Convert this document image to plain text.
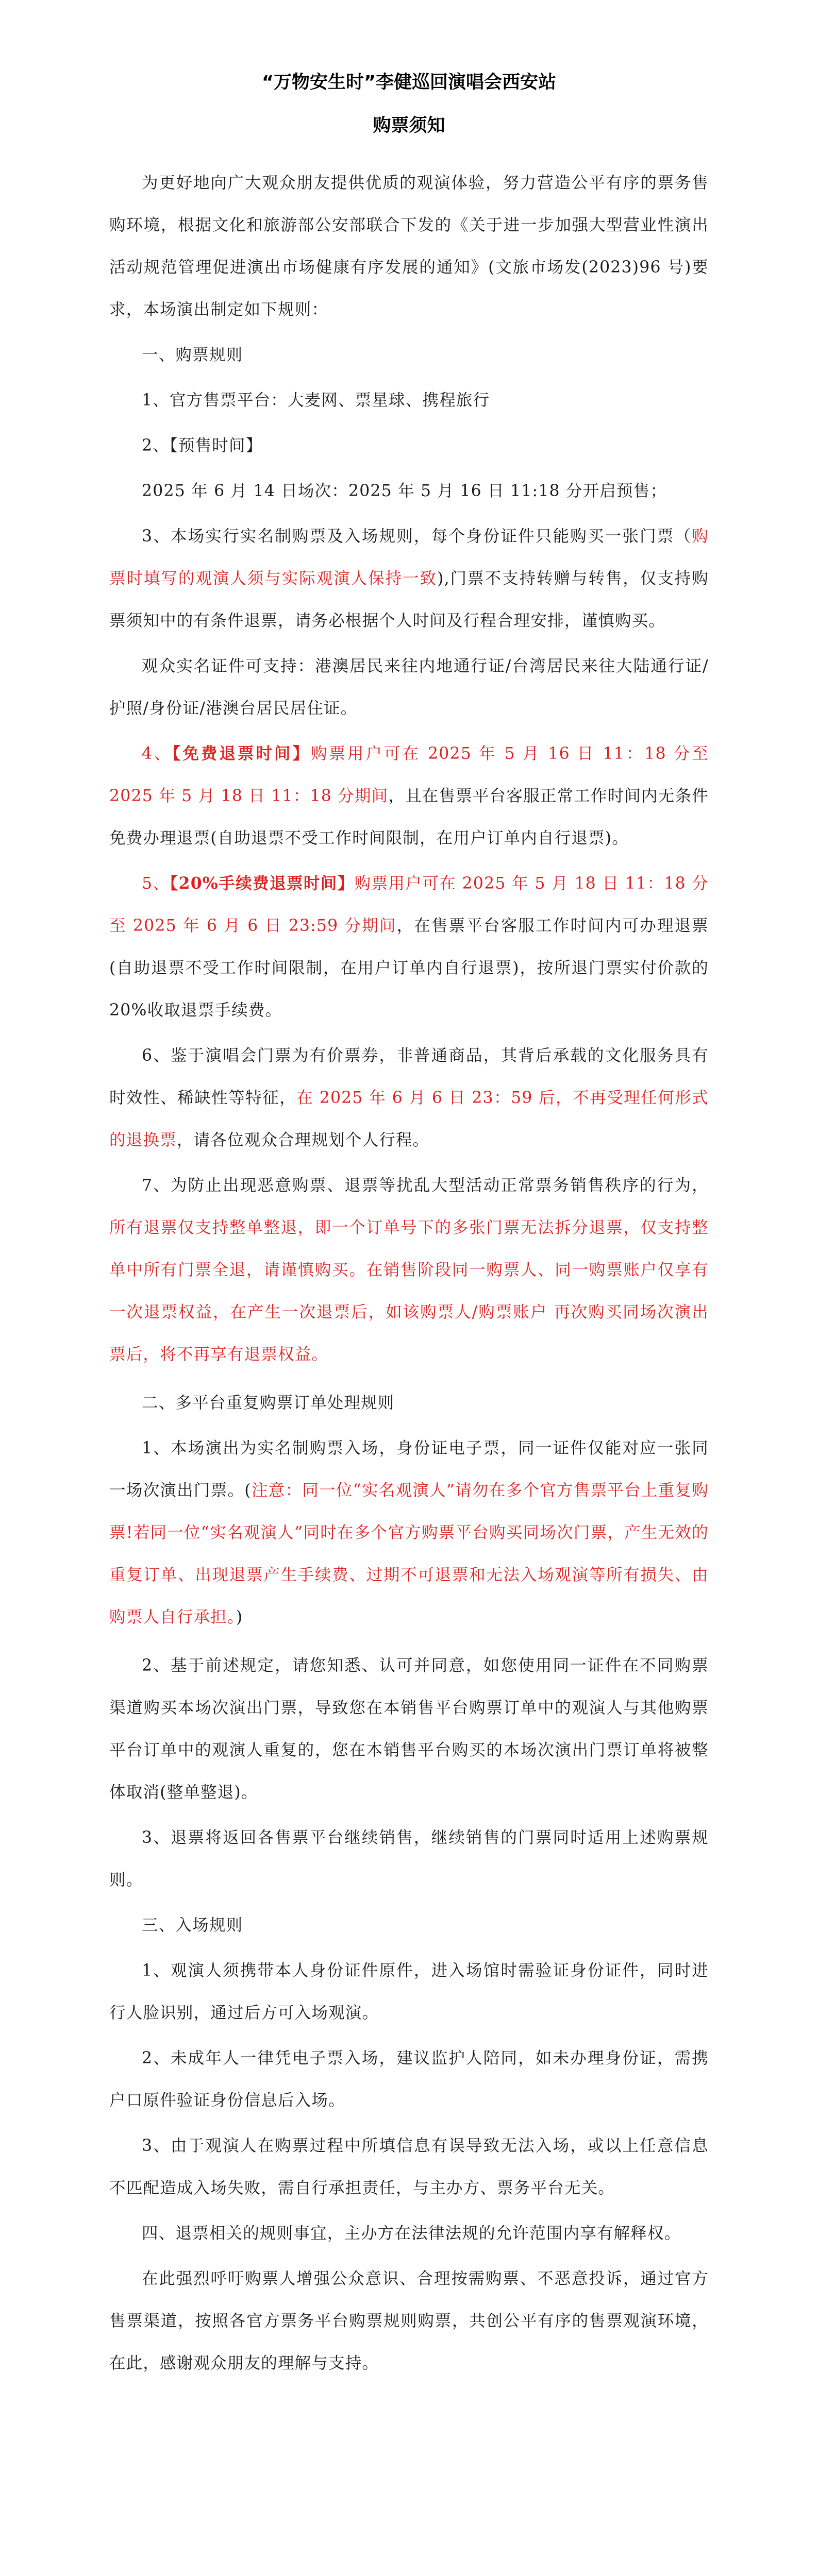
“万物安生时”李健巡回演唱会西安站
购票须知

为更好地向广大观众朋友提供优质的观演体验，努力营造公平有序的票务售购环境，根据文化和旅游部公安部联合下发的《关于进一步加强大型营业性演出活动规范管理促进演出市场健康有序发展的通知》(文旅市场发(2023)96 号)要求，本场演出制定如下规则：

一、购票规则

1、官方售票平台：大麦网、票星球、携程旅行

2、【预售时间】

2025 年 6 月 14 日场次：2025 年 5 月 16 日 11:18 分开启预售；

3、本场实行实名制购票及入场规则，每个身份证件只能购买一张门票（购票时填写的观演人须与实际观演人保持一致),门票不支持转赠与转售，仅支持购票须知中的有条件退票，请务必根据个人时间及行程合理安排，谨慎购买。

观众实名证件可支持：港澳居民来往内地通行证/台湾居民来往大陆通行证/护照/身份证/港澳台居民居住证。

4、【免费退票时间】购票用户可在 2025 年 5 月 16 日 11：18 分至 2025 年 5 月 18 日 11：18 分期间，且在售票平台客服正常工作时间内无条件免费办理退票(自助退票不受工作时间限制，在用户订单内自行退票)。

5、【20%手续费退票时间】购票用户可在 2025 年 5 月 18 日 11：18 分至 2025 年 6 月 6 日 23:59 分期间，在售票平台客服工作时间内可办理退票(自助退票不受工作时间限制，在用户订单内自行退票)，按所退门票实付价款的 20%收取退票手续费。

6、鉴于演唱会门票为有价票券，非普通商品，其背后承载的文化服务具有时效性、稀缺性等特征，在 2025 年 6 月 6 日 23：59 后，不再受理任何形式的退换票，请各位观众合理规划个人行程。

7、为防止出现恶意购票、退票等扰乱大型活动正常票务销售秩序的行为，所有退票仅支持整单整退，即一个订单号下的多张门票无法拆分退票，仅支持整单中所有门票全退，请谨慎购买。在销售阶段同一购票人、同一购票账户仅享有一次退票权益，在产生一次退票后，如该购票人/购票账户 再次购买同场次演出票后，将不再享有退票权益。

二、多平台重复购票订单处理规则

1、本场演出为实名制购票入场，身份证电子票，同一证件仅能对应一张同一场次演出门票。(注意：同一位“实名观演人”请勿在多个官方售票平台上重复购票!若同一位“实名观演人”同时在多个官方购票平台购买同场次门票，产生无效的重复订单、出现退票产生手续费、过期不可退票和无法入场观演等所有损失、由购票人自行承担。)

2、基于前述规定，请您知悉、认可并同意，如您使用同一证件在不同购票渠道购买本场次演出门票，导致您在本销售平台购票订单中的观演人与其他购票平台订单中的观演人重复的，您在本销售平台购买的本场次演出门票订单将被整体取消(整单整退)。

3、退票将返回各售票平台继续销售，继续销售的门票同时适用上述购票规则。

三、入场规则

1、观演人须携带本人身份证件原件，进入场馆时需验证身份证件，同时进行人脸识别，通过后方可入场观演。

2、未成年人一律凭电子票入场，建议监护人陪同，如未办理身份证，需携户口原件验证身份信息后入场。

3、由于观演人在购票过程中所填信息有误导致无法入场，或以上任意信息不匹配造成入场失败，需自行承担责任，与主办方、票务平台无关。

四、退票相关的规则事宜，主办方在法律法规的允许范围内享有解释权。

在此强烈呼吁购票人增强公众意识、合理按需购票、不恶意投诉，通过官方售票渠道，按照各官方票务平台购票规则购票，共创公平有序的售票观演环境，在此，感谢观众朋友的理解与支持。
